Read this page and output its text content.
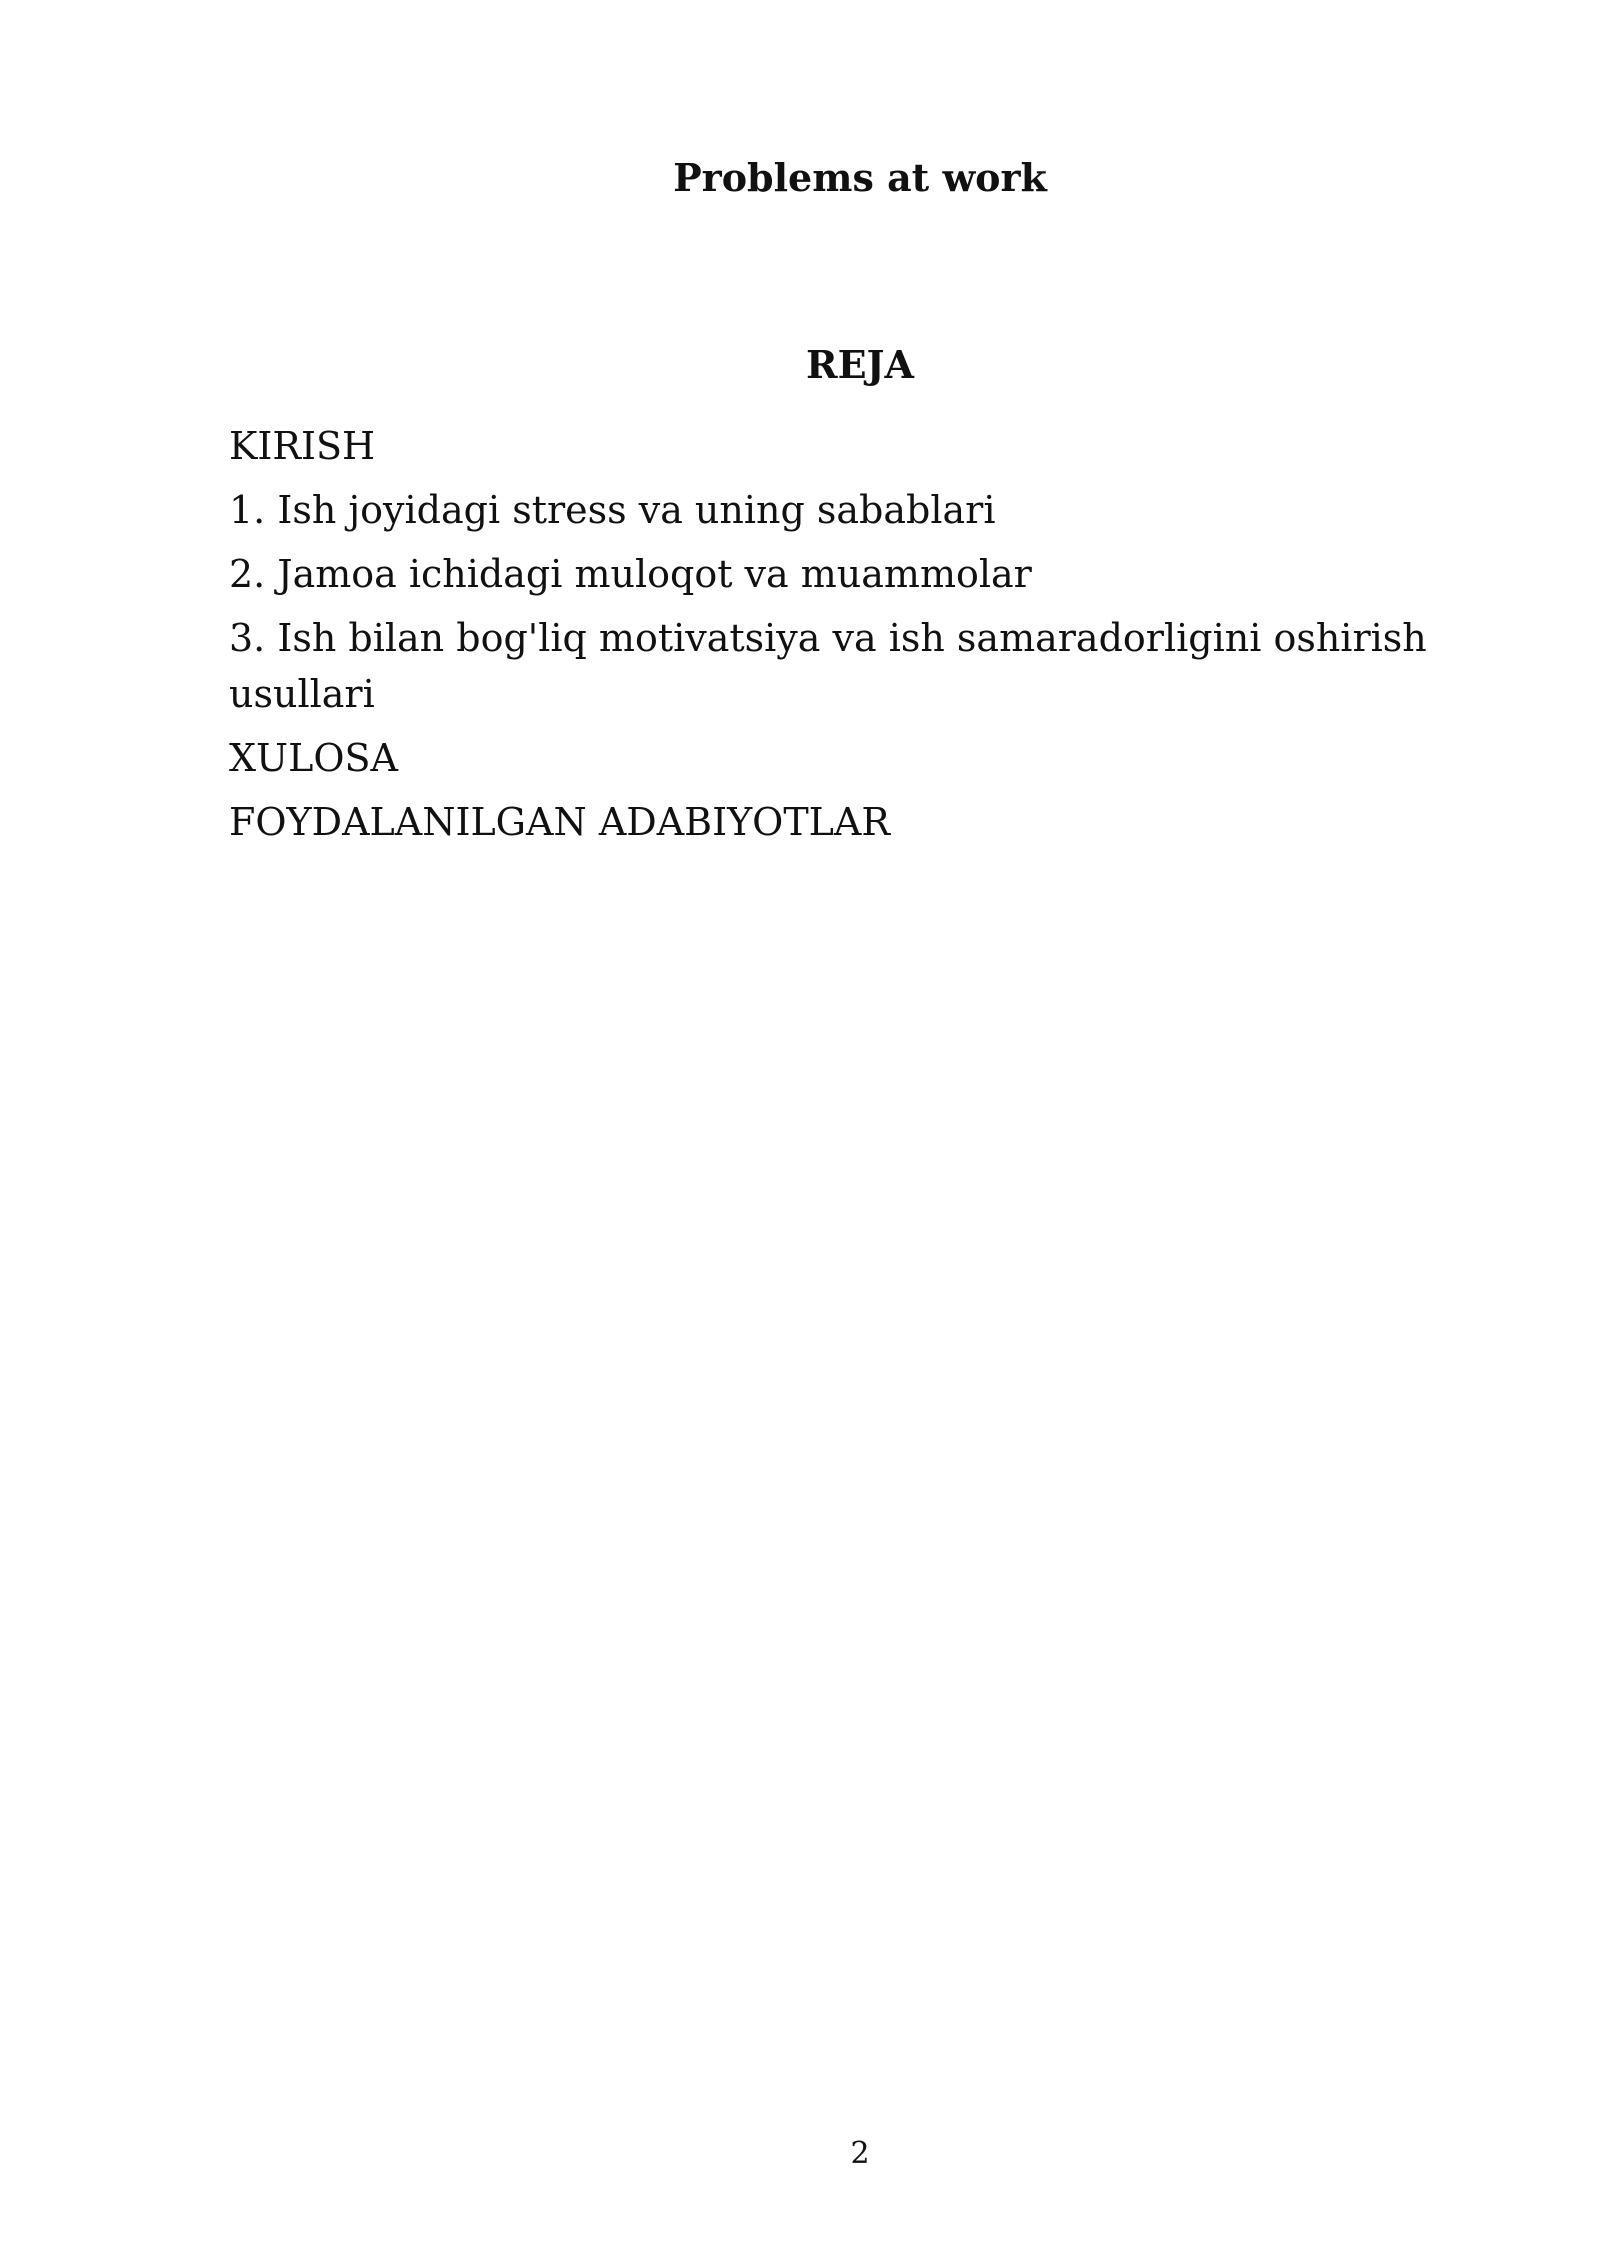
Problems at work
REJA
KIRISH
1. Ish joyidagi stress va uning sabablari
2. Jamoa ichidagi muloqot va muammolar
3. Ish bilan bog'liq motivatsiya va ish samaradorligini oshirish usullari
XULOSA
FOYDALANILGAN ADABIYOTLAR
2
